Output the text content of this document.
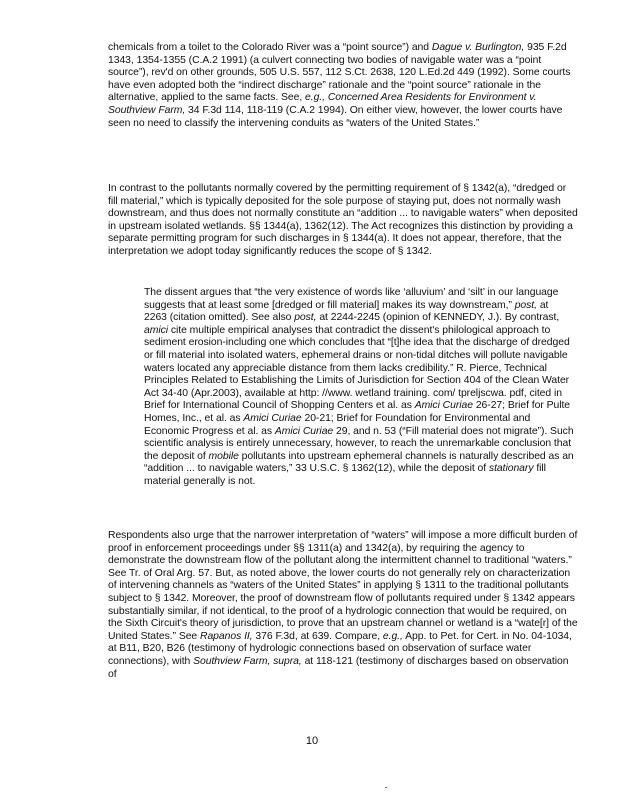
chemicals from a toilet to the Colorado River was a “point source”) and Dague v. Burlington, 935 F.2d 1343, 1354-1355 (C.A.2 1991) (a culvert connecting two bodies of navigable water was a “point source”), rev'd on other grounds, 505 U.S. 557, 112 S.Ct. 2638, 120 L.Ed.2d 449 (1992). Some courts have even adopted both the “indirect discharge” rationale and the “point source” rationale in the alternative, applied to the same facts. See, e.g., Concerned Area Residents for Environment v. Southview Farm, 34 F.3d 114, 118-119 (C.A.2 1994). On either view, however, the lower courts have seen no need to classify the intervening conduits as “waters of the United States.”

In contrast to the pollutants normally covered by the permitting requirement of § 1342(a), “dredged or fill material,” which is typically deposited for the sole purpose of staying put, does not normally wash downstream, and thus does not normally constitute an “addition ... to navigable waters” when deposited in upstream isolated wetlands. §§ 1344(a), 1362(12). The Act recognizes this distinction by providing a separate permitting program for such discharges in § 1344(a). It does not appear, therefore, that the interpretation we adopt today significantly reduces the scope of § 1342.

The dissent argues that “the very existence of words like ‘alluvium’ and ‘silt’ in our language suggests that at least some [dredged or fill material] makes its way downstream,” post, at 2263 (citation omitted). See also post, at 2244-2245 (opinion of KENNEDY, J.). By contrast, amici cite multiple empirical analyses that contradict the dissent's philological approach to sediment erosion-including one which concludes that “[t]he idea that the discharge of dredged or fill material into isolated waters, ephemeral drains or non-tidal ditches will pollute navigable waters located any appreciable distance from them lacks credibility.” R. Pierce, Technical Principles Related to Establishing the Limits of Jurisdiction for Section 404 of the Clean Water Act 34-40 (Apr.2003), available at http: //www. wetland training. com/ tpreljscwa. pdf, cited in Brief for International Council of Shopping Centers et al. as Amici Curiae 26-27; Brief for Pulte Homes, Inc., et al. as Amici Curiae 20-21; Brief for Foundation for Environmental and Economic Progress et al. as Amici Curiae 29, and n. 53 (“Fill material does not migrate”). Such scientific analysis is entirely unnecessary, however, to reach the unremarkable conclusion that the deposit of mobile pollutants into upstream ephemeral channels is naturally described as an “addition ... to navigable waters,” 33 U.S.C. § 1362(12), while the deposit of stationary fill material generally is not.

Respondents also urge that the narrower interpretation of “waters” will impose a more difficult burden of proof in enforcement proceedings under §§ 1311(a) and 1342(a), by requiring the agency to demonstrate the downstream flow of the pollutant along the intermittent channel to traditional “waters.” See Tr. of Oral Arg. 57. But, as noted above, the lower courts do not generally rely on characterization of intervening channels as “waters of the United States” in applying § 1311 to the traditional pollutants subject to § 1342. Moreover, the proof of downstream flow of pollutants required under § 1342 appears substantially similar, if not identical, to the proof of a hydrologic connection that would be required, on the Sixth Circuit's theory of jurisdiction, to prove that an upstream channel or wetland is a “wate[r] of the United States.” See Rapanos II, 376 F.3d, at 639. Compare, e.g., App. to Pet. for Cert. in No. 04-1034, at B11, B20, B26 (testimony of hydrologic connections based on observation of surface water connections), with Southview Farm, supra, at 118-121 (testimony of discharges based on observation of

10
